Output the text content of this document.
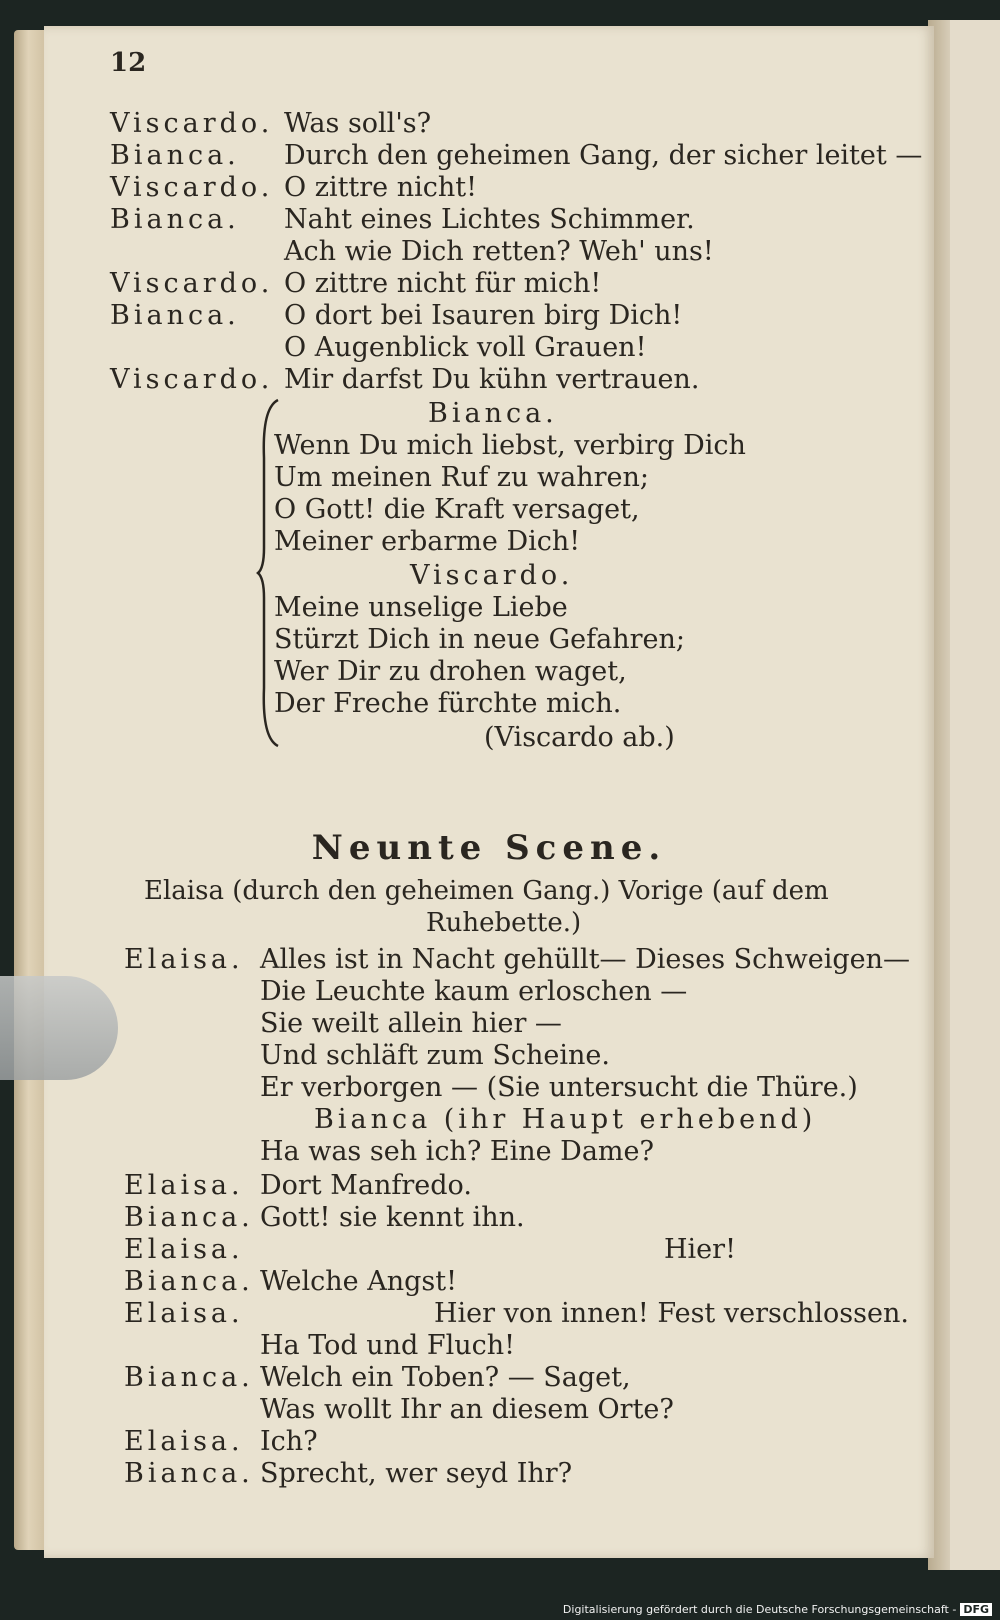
12
Viscardo. Was soll's?
Bianca. Durch den geheimen Gang, der sicher leitet —
Viscardo. O zittre nicht!
Bianca. Naht eines Lichtes Schimmer.
Ach wie Dich retten? Weh' uns!
Viscardo. O zittre nicht für mich!
Bianca. O dort bei Isauren birg Dich!
O Augenblick voll Grauen!
Viscardo. Mir darfst Du kühn vertrauen.
Bianca.
Wenn Du mich liebst, verbirg Dich
Um meinen Ruf zu wahren;
O Gott! die Kraft versaget,
Meiner erbarme Dich!
Viscardo.
Meine unselige Liebe
Stürzt Dich in neue Gefahren;
Wer Dir zu drohen waget,
Der Freche fürchte mich.
(Viscardo ab.)
Neunte Scene.
Elaisa (durch den geheimen Gang.) Vorige (auf dem
Ruhebette.)
Elaisa. Alles ist in Nacht gehüllt— Dieses Schweigen—
Die Leuchte kaum erloschen —
Sie weilt allein hier —
Und schläft zum Scheine.
Er verborgen — (Sie untersucht die Thüre.)
Bianca (ihr Haupt erhebend)
Ha was seh ich? Eine Dame?
Elaisa. Dort Manfredo.
Bianca. Gott! sie kennt ihn.
Elaisa.	Hier!
Bianca. Welche Angst!
Elaisa.	Hier von innen! Fest verschlossen.
Ha Tod und Fluch!
Bianca. Welch ein Toben? — Saget,
Was wollt Ihr an diesem Orte?
Elaisa. Ich?
Bianca. Sprecht, wer seyd Ihr?
Digitalisierung gefördert durch die Deutsche Forschungsgemeinschaft - DFG
